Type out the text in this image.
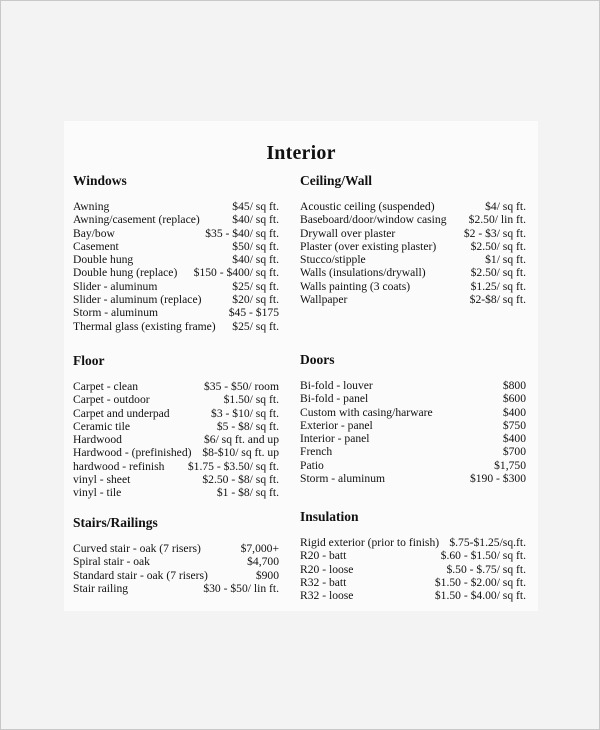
Interior
Windows
Awning	$45/ sq ft.
Awning/casement (replace)	$40/ sq ft.
Bay/bow	$35 - $40/ sq ft.
Casement	$50/ sq ft.
Double hung	$40/ sq ft.
Double hung (replace) $150 - $400/ sq ft.
Slider - aluminum	$25/ sq ft.
Slider - aluminum (replace)	$20/ sq ft.
Storm - aluminum	$45 - $175
Thermal glass (existing frame) $25/ sq ft.
Ceiling/Wall
Acoustic ceiling (suspended)	$4/ sq ft.
Baseboard/door/window casing $2.50/ lin ft.
Drywall over plaster	$2 - $3/ sq ft.
Plaster (over existing plaster)	$2.50/ sq ft.
Stucco/stipple	$1/ sq ft.
Walls (insulations/drywall)	$2.50/ sq ft.
Walls painting (3 coats)	$1.25/ sq ft.
Wallpaper	$2-$8/ sq ft.
Floor
Carpet - clean	$35 - $50/ room
Carpet - outdoor	$1.50/ sq ft.
Carpet and underpad	$3 - $10/ sq ft.
Ceramic tile	$5 - $8/ sq ft.
Hardwood	$6/ sq ft. and up
Hardwood - (prefinished) $8-$10/ sq ft. up
hardwood - refinish $1.75 - $3.50/ sq ft.
vinyl - sheet	$2.50 - $8/ sq ft.
vinyl - tile	$1 - $8/ sq ft.
Doors
Bi-fold - louver	$800
Bi-fold - panel	$600
Custom with casing/harware	$400
Exterior - panel	$750
Interior - panel	$400
French	$700
Patio	$1,750
Storm - aluminum	$190 - $300
Stairs/Railings
Curved stair - oak (7 risers)	$7,000+
Spiral stair - oak	$4,700
Standard stair - oak (7 risers)	$900
Stair railing	$30 - $50/ lin ft.
Insulation
Rigid exterior (prior to finish) $.75-$1.25/sq.ft.
R20 - batt	$.60 - $1.50/ sq ft.
R20 - loose	$.50 - $.75/ sq ft.
R32 - batt	$1.50 - $2.00/ sq ft.
R32 - loose	$1.50 - $4.00/ sq ft.
